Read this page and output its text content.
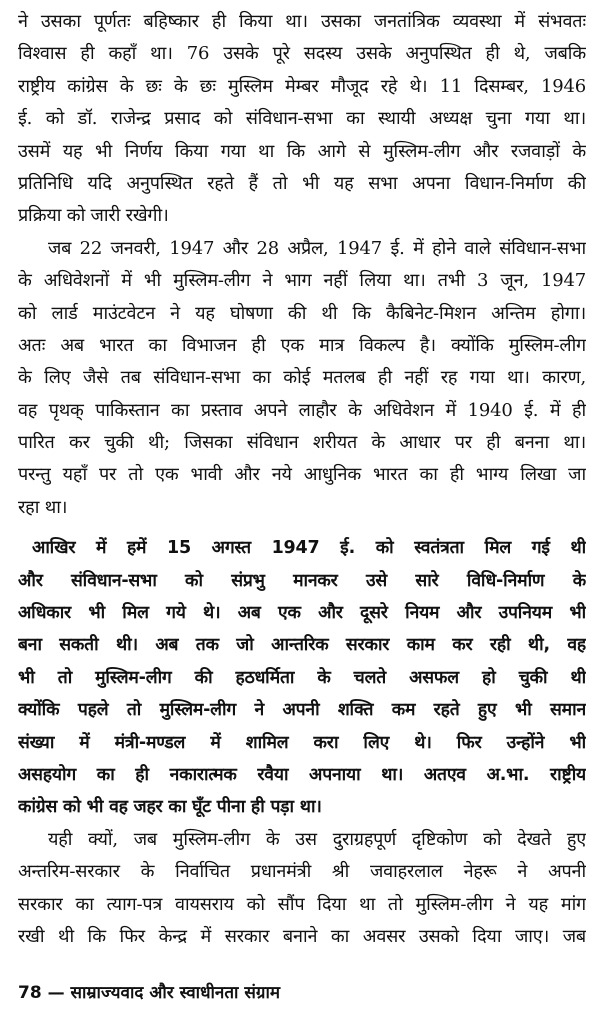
ने उसका पूर्णतः बहिष्कार ही किया था। उसका जनतांत्रिक व्यवस्था में संभवतः
विश्वास ही कहाँ था। 76 उसके पूरे सदस्य उसके अनुपस्थित ही थे, जबकि
राष्ट्रीय कांग्रेस के छः के छः मुस्लिम मेम्बर मौजूद रहे थे। 11 दिसम्बर, 1946
ई. को डॉ. राजेन्द्र प्रसाद को संविधान-सभा का स्थायी अध्यक्ष चुना गया था।
उसमें यह भी निर्णय किया गया था कि आगे से मुस्लिम-लीग और रजवाड़ों के
प्रतिनिधि यदि अनुपस्थित रहते हैं तो भी यह सभा अपना विधान-निर्माण की
प्रक्रिया को जारी रखेगी।
जब 22 जनवरी, 1947 और 28 अप्रैल, 1947 ई. में होने वाले संविधान-सभा
के अधिवेशनों में भी मुस्लिम-लीग ने भाग नहीं लिया था। तभी 3 जून, 1947
को लार्ड माउंटवेटन ने यह घोषणा की थी कि कैबिनेट-मिशन अन्तिम होगा।
अतः अब भारत का विभाजन ही एक मात्र विकल्प है। क्योंकि मुस्लिम-लीग
के लिए जैसे तब संविधान-सभा का कोई मतलब ही नहीं रह गया था। कारण,
वह पृथक् पाकिस्तान का प्रस्ताव अपने लाहौर के अधिवेशन में 1940 ई. में ही
पारित कर चुकी थी; जिसका संविधान शरीयत के आधार पर ही बनना था।
परन्तु यहाँ पर तो एक भावी और नये आधुनिक भारत का ही भाग्य लिखा जा
रहा था।
आखिर में हमें 15 अगस्त 1947 ई. को स्वतंत्रता मिल गई थी
और संविधान-सभा को संप्रभु मानकर उसे सारे विधि-निर्माण के
अधिकार भी मिल गये थे। अब एक और दूसरे नियम और उपनियम भी
बना सकती थी। अब तक जो आन्तरिक सरकार काम कर रही थी, वह
भी तो मुस्लिम-लीग की हठधर्मिता के चलते असफल हो चुकी थी
क्योंकि पहले तो मुस्लिम-लीग ने अपनी शक्ति कम रहते हुए भी समान
संख्या में मंत्री-मण्डल में शामिल करा लिए थे। फिर उन्होंने भी
असहयोग का ही नकारात्मक रवैया अपनाया था। अतएव अ.भा. राष्ट्रीय
कांग्रेस को भी वह जहर का घूँट पीना ही पड़ा था।
यही क्यों, जब मुस्लिम-लीग के उस दुराग्रहपूर्ण दृष्टिकोण को देखते हुए
अन्तरिम-सरकार के निर्वाचित प्रधानमंत्री श्री जवाहरलाल नेहरू ने अपनी
सरकार का त्याग-पत्र वायसराय को सौंप दिया था तो मुस्लिम-लीग ने यह मांग
रखी थी कि फिर केन्द्र में सरकार बनाने का अवसर उसको दिया जाए। जब
78 — साम्राज्यवाद और स्वाधीनता संग्राम
